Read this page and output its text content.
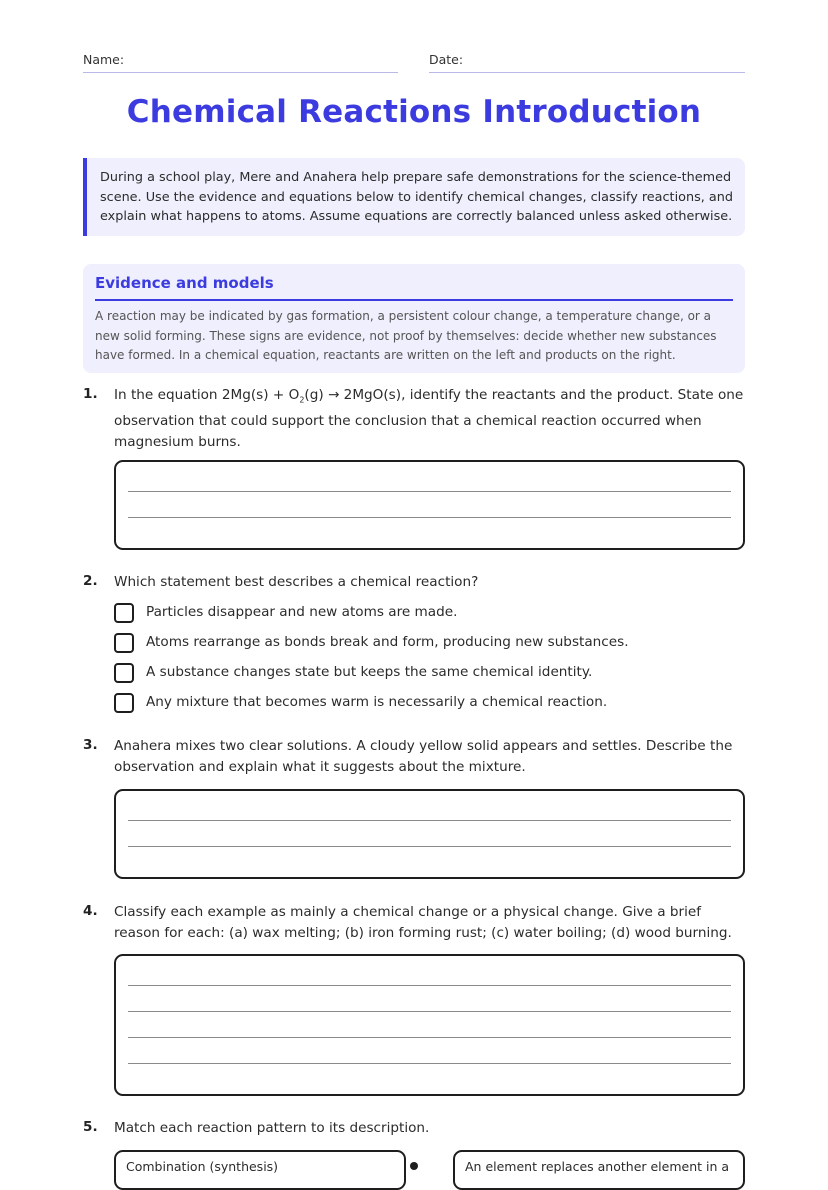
Name:	Date:
Chemical Reactions Introduction
During a school play, Mere and Anahera help prepare safe demonstrations for the science-themed scene. Use the evidence and equations below to identify chemical changes, classify reactions, and explain what happens to atoms. Assume equations are correctly balanced unless asked otherwise.
Evidence and models

A reaction may be indicated by gas formation, a persistent colour change, a temperature change, or a new solid forming. These signs are evidence, not proof by themselves: decide whether new substances have formed. In a chemical equation, reactants are written on the left and products on the right.

1. In the equation $2Mg(s) + O_2(g) \to 2MgO(s)$, identify the reactants and the product. State one observation that could support the conclusion that a chemical reaction occurred when magnesium burns.
2. Which statement best describes a chemical reaction?
Particles disappear and new atoms are made.
Atoms rearrange as bonds break and form, producing new substances.
A substance changes state but keeps the same chemical identity.
Any mixture that becomes warm is necessarily a chemical reaction.
3. Anahera mixes two clear solutions. A cloudy yellow solid appears and settles. Describe the observation and explain what it suggests about the mixture.
4. Classify each example as mainly a chemical change or a physical change. Give a brief reason for each: (a) wax melting; (b) iron forming rust; (c) water boiling; (d) wood burning.
5. Match each reaction pattern to its description.
Combination (synthesis)	An element replaces another element in a
